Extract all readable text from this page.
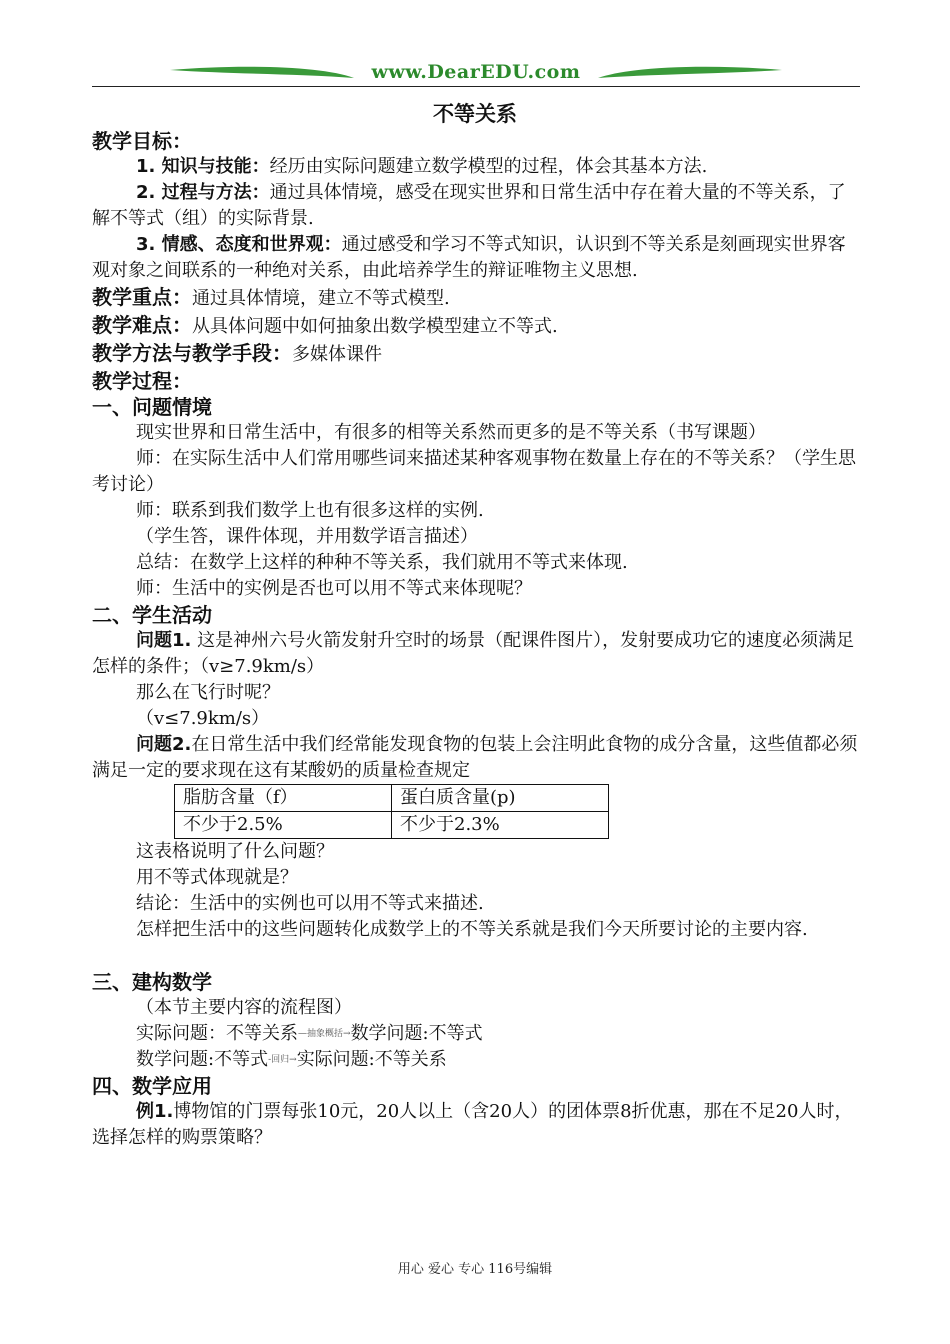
www.DearEDU.com
不等关系

教学目标：

1. 知识与技能：经历由实际问题建立数学模型的过程，体会其基本方法.

2. 过程与方法：通过具体情境，感受在现实世界和日常生活中存在着大量的不等关系，了解不等式（组）的实际背景.

3. 情感、态度和世界观：通过感受和学习不等式知识，认识到不等关系是刻画现实世界客观对象之间联系的一种绝对关系，由此培养学生的辩证唯物主义思想.

教学重点：通过具体情境，建立不等式模型.

教学难点：从具体问题中如何抽象出数学模型建立不等式.

教学方法与教学手段：多媒体课件

教学过程：

一、问题情境

现实世界和日常生活中，有很多的相等关系然而更多的是不等关系（书写课题）

师：在实际生活中人们常用哪些词来描述某种客观事物在数量上存在的不等关系？（学生思考讨论）

师：联系到我们数学上也有很多这样的实例.

（学生答，课件体现，并用数学语言描述）

总结：在数学上这样的种种不等关系，我们就用不等式来体现.

师：生活中的实例是否也可以用不等式来体现呢？

二、学生活动

问题1. 这是神州六号火箭发射升空时的场景（配课件图片），发射要成功它的速度必须满足怎样的条件；（v≥7.9km/s）

那么在飞行时呢？

（v≤7.9km/s）

问题2.在日常生活中我们经常能发现食物的包装上会注明此食物的成分含量，这些值都必须满足一定的要求现在这有某酸奶的质量检查规定

脂肪含量（f）	蛋白质含量(p)
不少于2.5%	不少于2.3%

这表格说明了什么问题？

用不等式体现就是？

结论：生活中的实例也可以用不等式来描述.

怎样把生活中的这些问题转化成数学上的不等关系就是我们今天所要讨论的主要内容.

三、建构数学

（本节主要内容的流程图）

实际问题：不等关系—抽象概括→数学问题:不等式

数学问题:不等式-回归→实际问题:不等关系

四、数学应用

例1.博物馆的门票每张10元，20人以上（含20人）的团体票8折优惠，那在不足20人时，选择怎样的购票策略？

用心 爱心 专心 116号编辑
